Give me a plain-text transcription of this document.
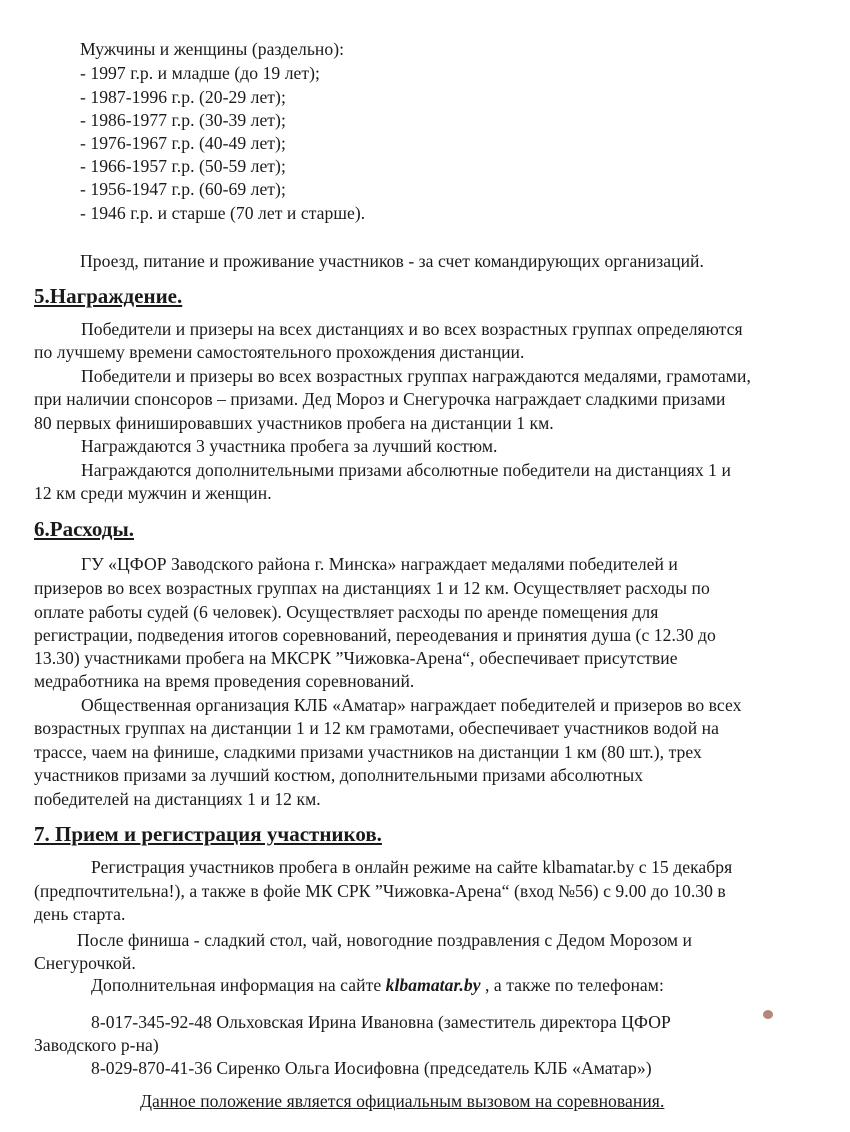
Мужчины и женщины (раздельно):
- 1997 г.р. и младше (до 19 лет);
- 1987-1996 г.р. (20-29 лет);
- 1986-1977 г.р. (30-39 лет);
- 1976-1967 г.р. (40-49 лет);
- 1966-1957 г.р. (50-59 лет);
- 1956-1947 г.р. (60-69 лет);
- 1946 г.р. и старше (70 лет и старше).
Проезд, питание и проживание участников - за счет командирующих организаций.
5.Награждение.
Победители и призеры на всех дистанциях и во всех возрастных группах определяются
по лучшему времени самостоятельного прохождения дистанции.
Победители и призеры во всех возрастных группах награждаются медалями, грамотами,
при наличии спонсоров – призами. Дед Мороз и Снегурочка награждает сладкими призами
80 первых финишировавших участников пробега на дистанции 1 км.
Награждаются 3 участника пробега за лучший костюм.
Награждаются дополнительными призами абсолютные победители на дистанциях 1 и
12 км среди мужчин и женщин.
6.Расходы.
ГУ «ЦФОР Заводского района г. Минска» награждает медалями победителей и
призеров во всех возрастных группах на дистанциях 1 и 12 км. Осуществляет расходы по
оплате работы судей (6 человек). Осуществляет расходы по аренде помещения для
регистрации, подведения итогов соревнований, переодевания и принятия душа (с 12.30 до
13.30) участниками пробега на МКСРК ”Чижовка-Арена“, обеспечивает присутствие
медработника на время проведения соревнований.
Общественная организация КЛБ «Аматар» награждает победителей и призеров во всех
возрастных группах на дистанции 1 и 12 км грамотами, обеспечивает участников водой на
трассе, чаем на финише, сладкими призами участников на дистанции 1 км (80 шт.), трех
участников призами за лучший костюм, дополнительными призами абсолютных
победителей на дистанциях 1 и 12 км.
7. Прием и регистрация участников.
Регистрация участников пробега в онлайн режиме на сайте klbamatar.by с 15 декабря
(предпочтительна!), а также в фойе МК СРК ”Чижовка-Арена“ (вход №56) с 9.00 до 10.30 в
день старта.
После финиша - сладкий стол, чай, новогодние поздравления с Дедом Морозом и
Снегурочкой.
Дополнительная информация на сайте klbamatar.by , а также по телефонам:
8-017-345-92-48 Ольховская Ирина Ивановна (заместитель директора ЦФОР
Заводского р-на)
8-029-870-41-36 Сиренко Ольга Иосифовна (председатель КЛБ «Аматар»)
Данное положение является официальным вызовом на соревнования.
